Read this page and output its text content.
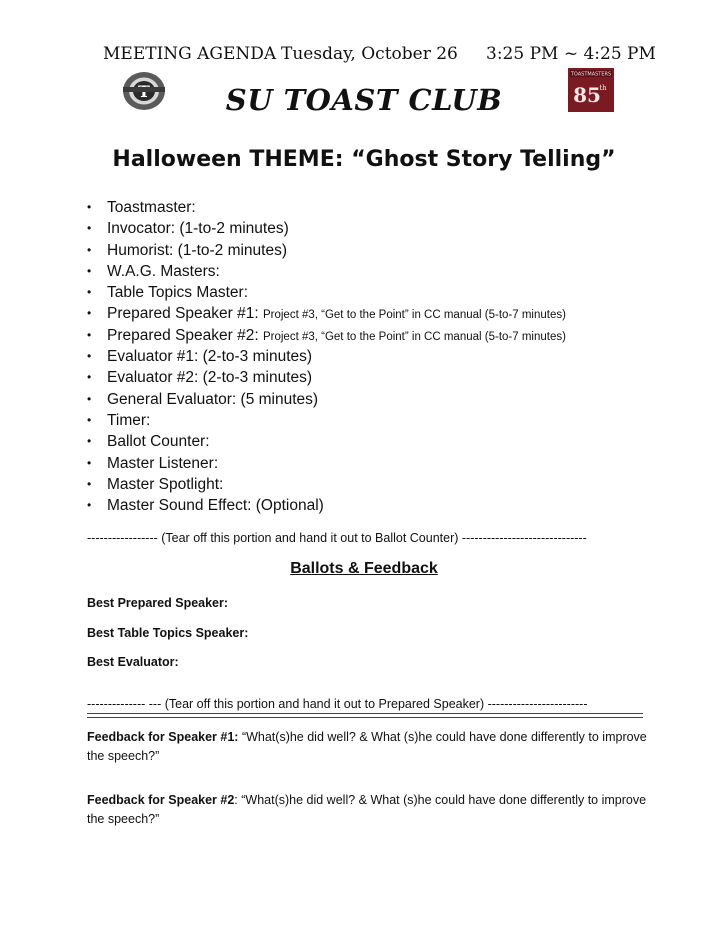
MEETING AGENDA Tuesday, October 26 3:25 PM ~ 4:25 PM
TOASTMASTERS
85
th
SU TOAST CLUB
Halloween THEME: “Ghost Story Telling”
• Toastmaster:
• Invocator: (1-to-2 minutes)
• Humorist: (1-to-2 minutes)
• W.A.G. Masters:
• Table Topics Master:
• Prepared Speaker #1: Project #3, “Get to the Point” in CC manual (5-to-7 minutes)
• Prepared Speaker #2: Project #3, “Get to the Point” in CC manual (5-to-7 minutes)
• Evaluator #1: (2-to-3 minutes)
• Evaluator #2: (2-to-3 minutes)
• General Evaluator: (5 minutes)
• Timer:
• Ballot Counter:
• Master Listener:
• Master Spotlight:
• Master Sound Effect: (Optional)
----------------- (Tear off this portion and hand it out to Ballot Counter) ------------------------------
Ballots & Feedback
Best Prepared Speaker:
Best Table Topics Speaker:
Best Evaluator:
-------------- --- (Tear off this portion and hand it out to Prepared Speaker) ------------------------
Feedback for Speaker #1: “What(s)he did well? & What (s)he could have done differently to improve the speech?”
Feedback for Speaker #2: “What(s)he did well? & What (s)he could have done differently to improve the speech?”
